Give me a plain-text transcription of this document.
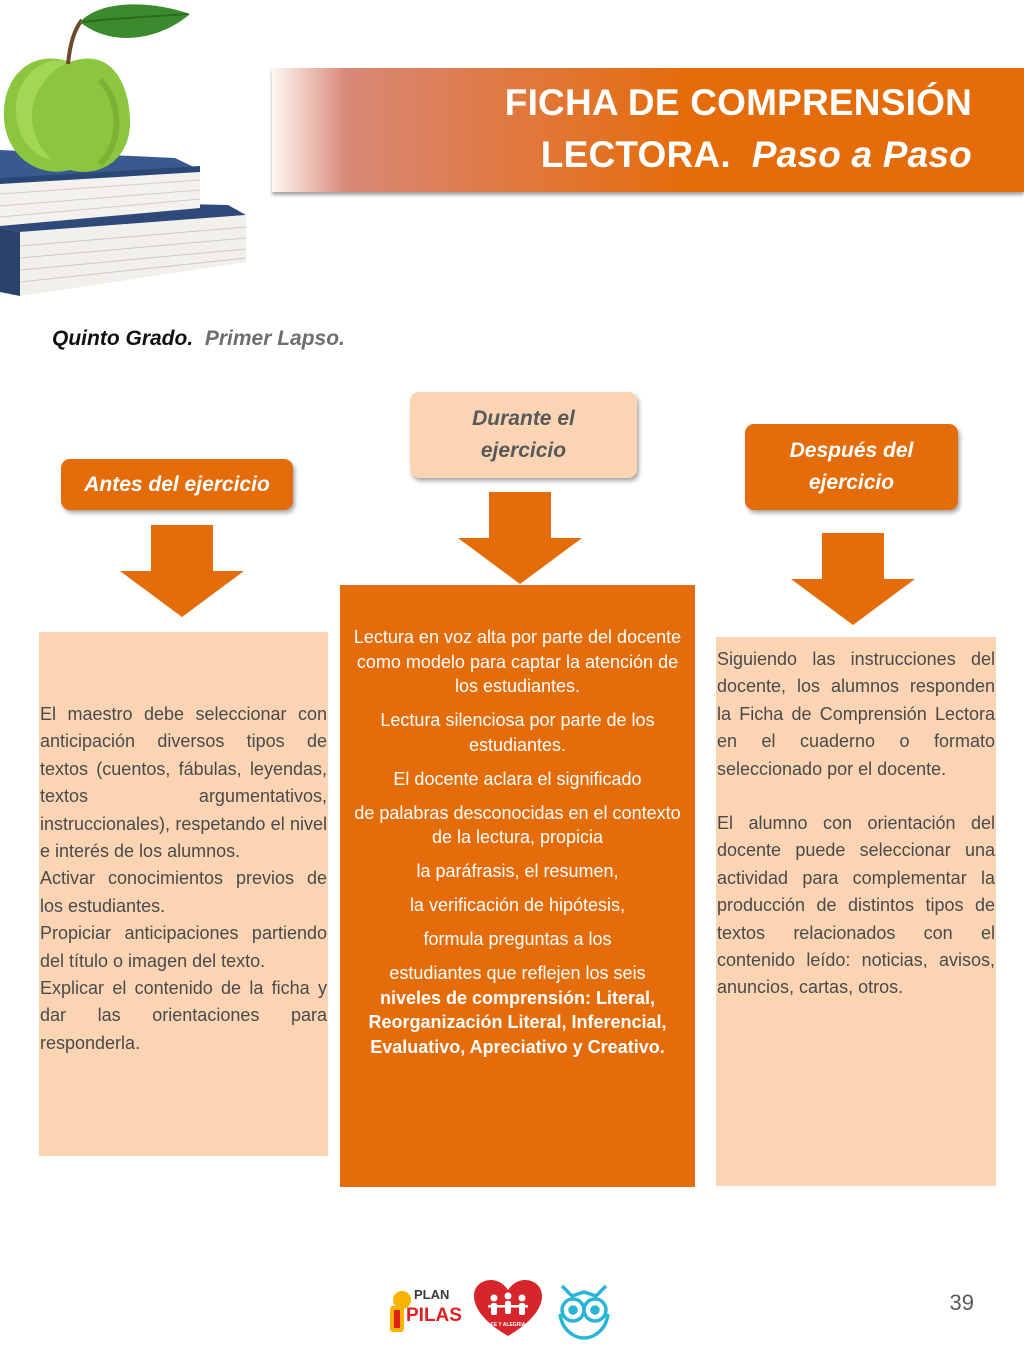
FICHA DE COMPRENSIÓN
LECTORA. Paso a Paso
Quinto Grado. Primer Lapso.
Antes del ejercicio
Durante el ejercicio	Después del ejercicio

El maestro debe seleccionar con anticipación diversos tipos de textos (cuentos, fábulas, leyendas, textos argumentativos, instruccionales), respetando el nivel e interés de los alumnos.

Activar conocimientos previos de los estudiantes.

Propiciar anticipaciones partiendo del título o imagen del texto.

Explicar el contenido de la ficha y dar las orientaciones para responderla.

Lectura en voz alta por parte del docente como modelo para captar la atención de los estudiantes.

Lectura silenciosa por parte de los estudiantes.

El docente aclara el significado

de palabras desconocidas en el contexto de la lectura, propicia

la paráfrasis, el resumen,

la verificación de hipótesis,

formula preguntas a los

estudiantes que reflejen los seis

niveles de comprensión: Literal, Reorganización Literal, Inferencial, Evaluativo, Apreciativo y Creativo.

Siguiendo las instrucciones del docente, los alumnos responden la Ficha de Comprensión Lectora en el cuaderno o formato seleccionado por el docente.

El alumno con orientación del docente puede seleccionar una actividad para complementar la producción de distintos tipos de textos relacionados con el contenido leído: noticias, avisos, anuncios, cartas, otros.

PLAN
PILAS	FE Y ALEGRIA
39
